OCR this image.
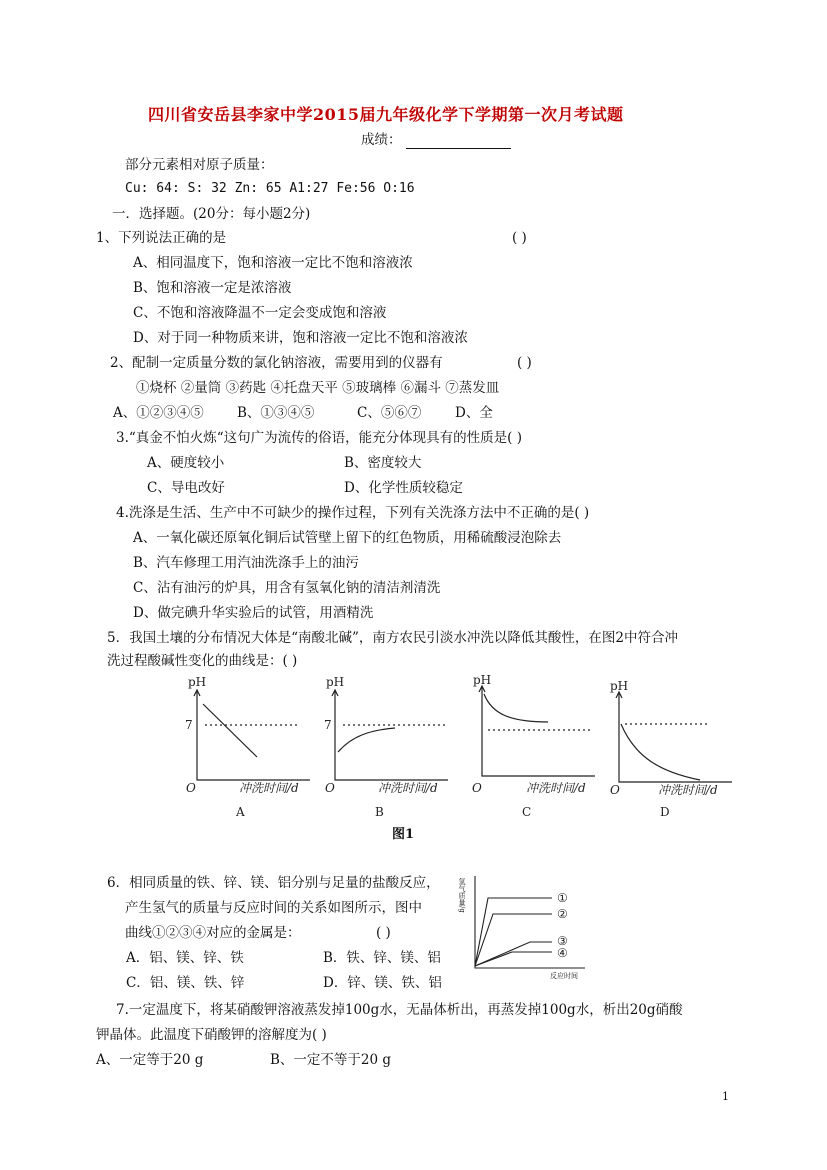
四川省安岳县李家中学2015届九年级化学下学期第一次月考试题
成绩：
部分元素相对原子质量：
Cu: 64: S: 32 Zn: 65 A1:27 Fe:56 O:16
一．选择题。(20分：每小题2分)
1、下列说法正确的是	( )
A、相同温度下，饱和溶液一定比不饱和溶液浓
B、饱和溶液一定是浓溶液
C、不饱和溶液降温不一定会变成饱和溶液
D、对于同一种物质来讲，饱和溶液一定比不饱和溶液浓
2、配制一定质量分数的氯化钠溶液，需要用到的仪器有	( )
①烧杯 ②量筒 ③药匙 ④托盘天平 ⑤玻璃棒 ⑥漏斗 ⑦蒸发皿
A、①②③④⑤ B、①③④⑤	C、⑤⑥⑦ D、全
3.“真金不怕火炼“这句广为流传的俗语，能充分体现具有的性质是( )
A、硬度较小	B、密度较大
C、导电改好	D、化学性质较稳定
4.洗涤是生活、生产中不可缺少的操作过程，下列有关洗涤方法中不正确的是( )
A、一氧化碳还原氧化铜后试管壁上留下的红色物质，用稀硫酸浸泡除去
B、汽车修理工用汽油洗涤手上的油污
C、沾有油污的炉具，用含有氢氧化钠的清洁剂清洗
D、做完碘升华实验后的试管，用酒精洗
5．我国土壤的分布情况大体是“南酸北碱”，南方农民引淡水冲洗以降低其酸性，在图2中符合冲
洗过程酸碱性变化的曲线是：( )
pH
7
O	冲洗时间/d
A
pH
7
O	冲洗时间/d
B
pH
O	冲洗时间/d
C
pH
O	冲洗时间/d
D
图1
6．相同质量的铁、锌、镁、铝分别与足量的盐酸反应，
产生氢气的质量与反应时间的关系如图所示，图中
曲线①②③④对应的金属是：	( )
A．铝、镁、锌、铁	B．铁、锌、镁、铝
C．铝、镁、铁、锌	D．锌、镁、铁、铝
氢气质量/g
反应时间
①
②
③
④
7.一定温度下，将某硝酸钾溶液蒸发掉100g水，无晶体析出，再蒸发掉100g水，析出20g硝酸
钾晶体。此温度下硝酸钾的溶解度为( )
A、一定等于20 g	B、一定不等于20 g
1
